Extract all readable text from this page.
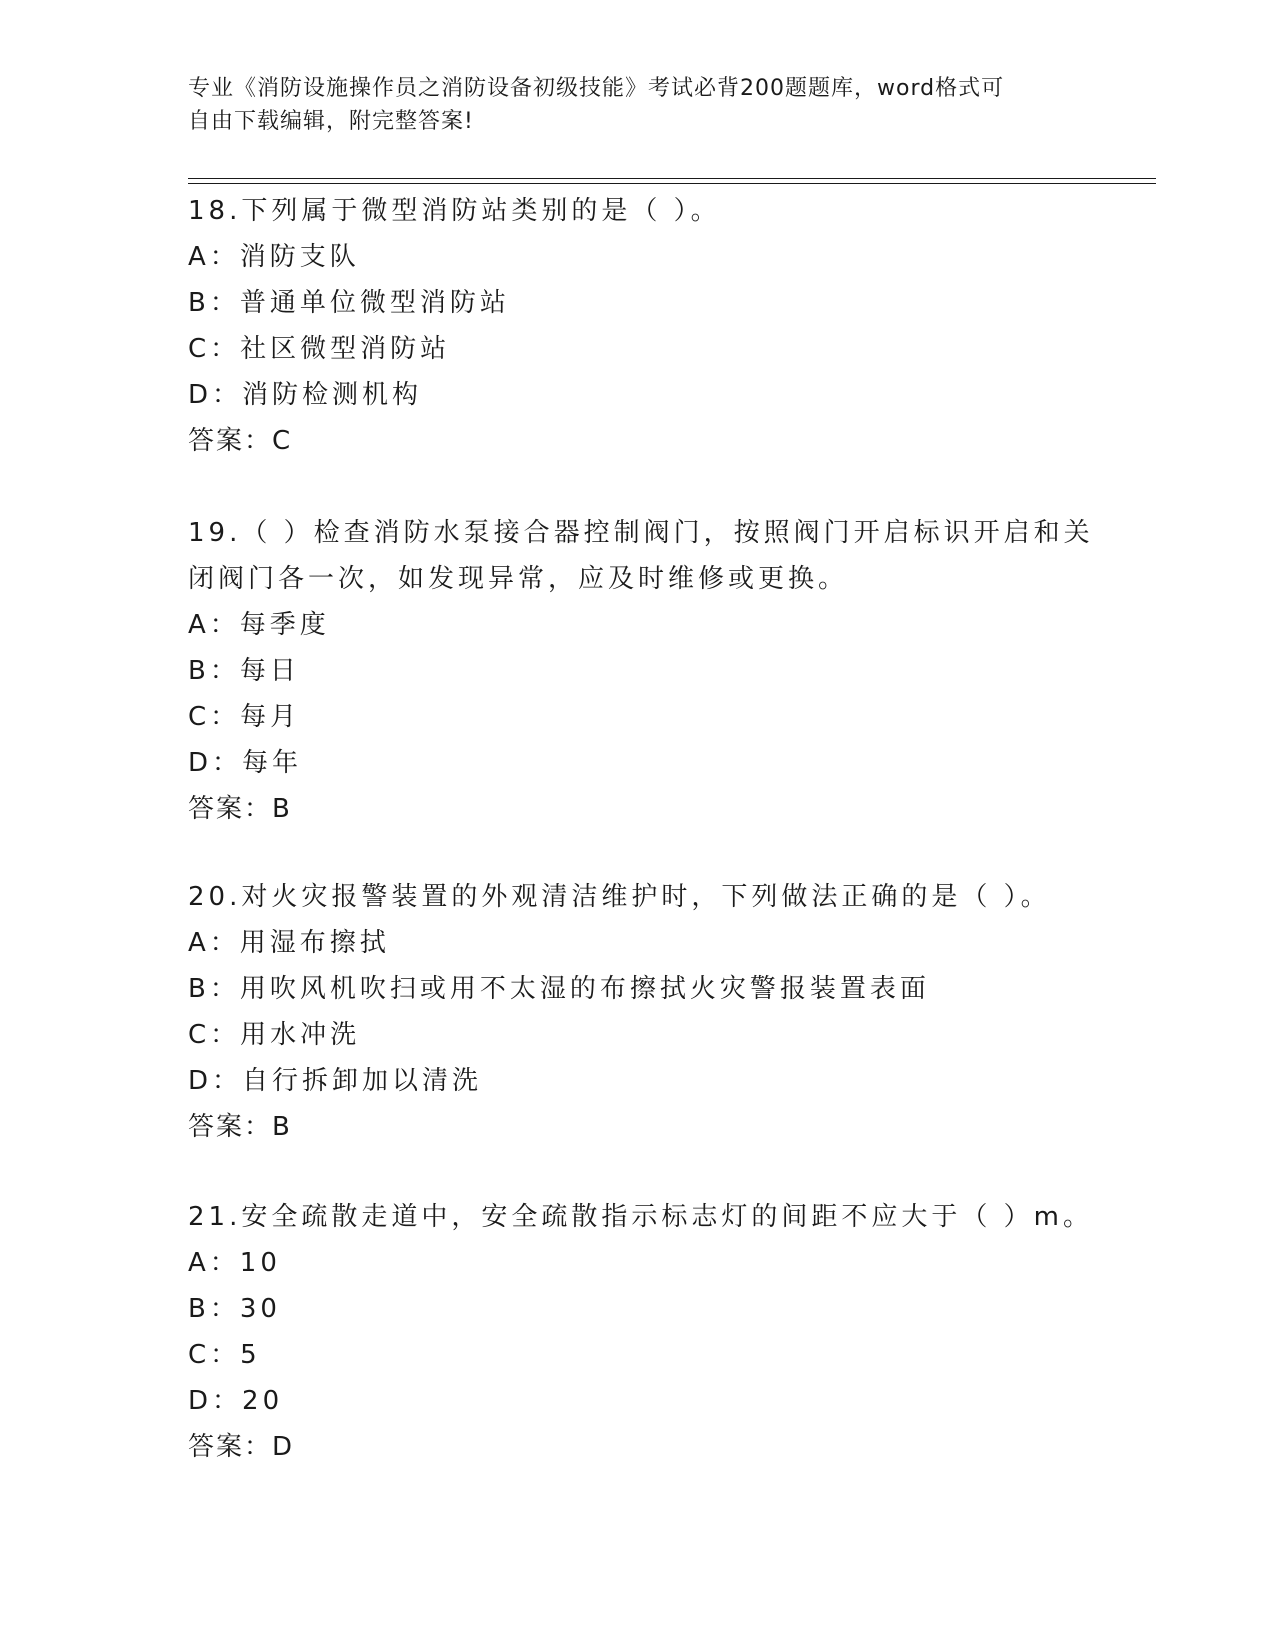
专业《消防设施操作员之消防设备初级技能》考试必背200题题库，word格式可
自由下载编辑，附完整答案!
18.下列属于微型消防站类别的是（ ）。
A：消防支队
B：普通单位微型消防站
C：社区微型消防站
D：消防检测机构
答案：C
19.（ ）检查消防水泵接合器控制阀门，按照阀门开启标识开启和关
闭阀门各一次，如发现异常，应及时维修或更换。
A：每季度
B：每日
C：每月
D：每年
答案：B
20.对火灾报警装置的外观清洁维护时，下列做法正确的是（ ）。
A：用湿布擦拭
B：用吹风机吹扫或用不太湿的布擦拭火灾警报装置表面
C：用水冲洗
D：自行拆卸加以清洗
答案：B
21.安全疏散走道中，安全疏散指示标志灯的间距不应大于（ ）m。
A：10
B：30
C：5
D：20
答案：D
